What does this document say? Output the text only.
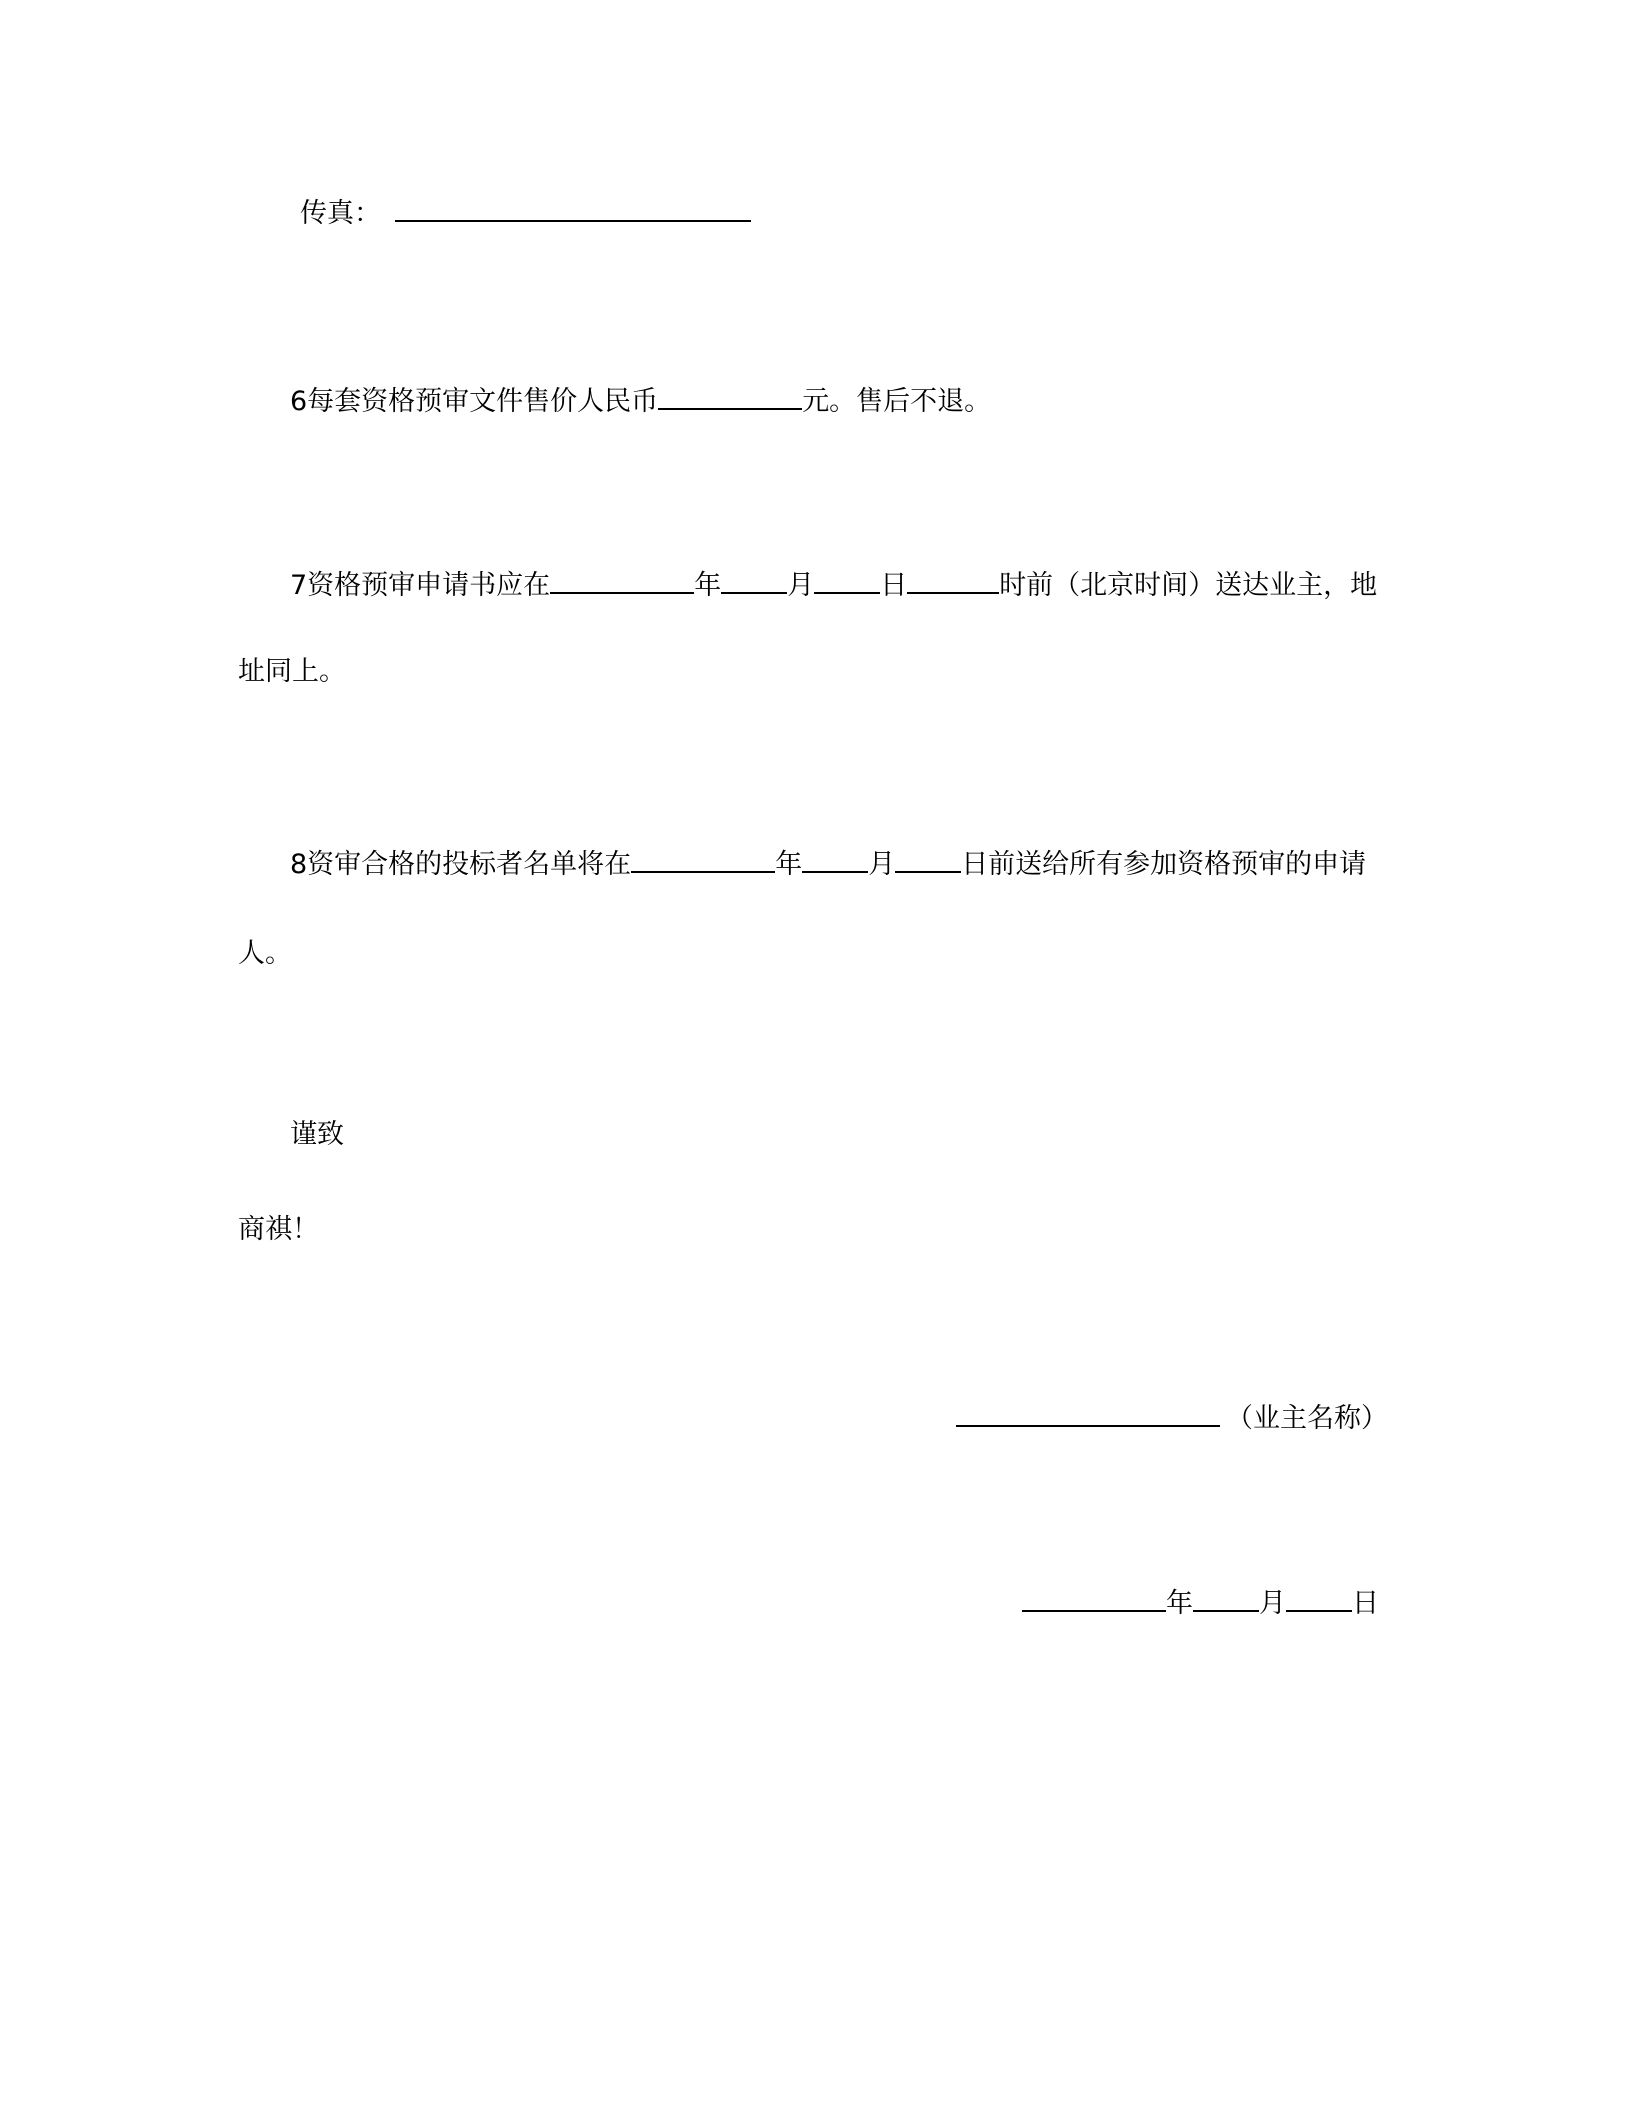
传真：
6每套资格预审文件售价人民币	元。售后不退。
7资格预审申请书应在	年 月 日	时前（北京时间）送达业主，地
址同上。
8资审合格的投标者名单将在	年 月 日前送给所有参加资格预审的申请
人。
谨致
商祺！
（业主名称）
年 月 日
